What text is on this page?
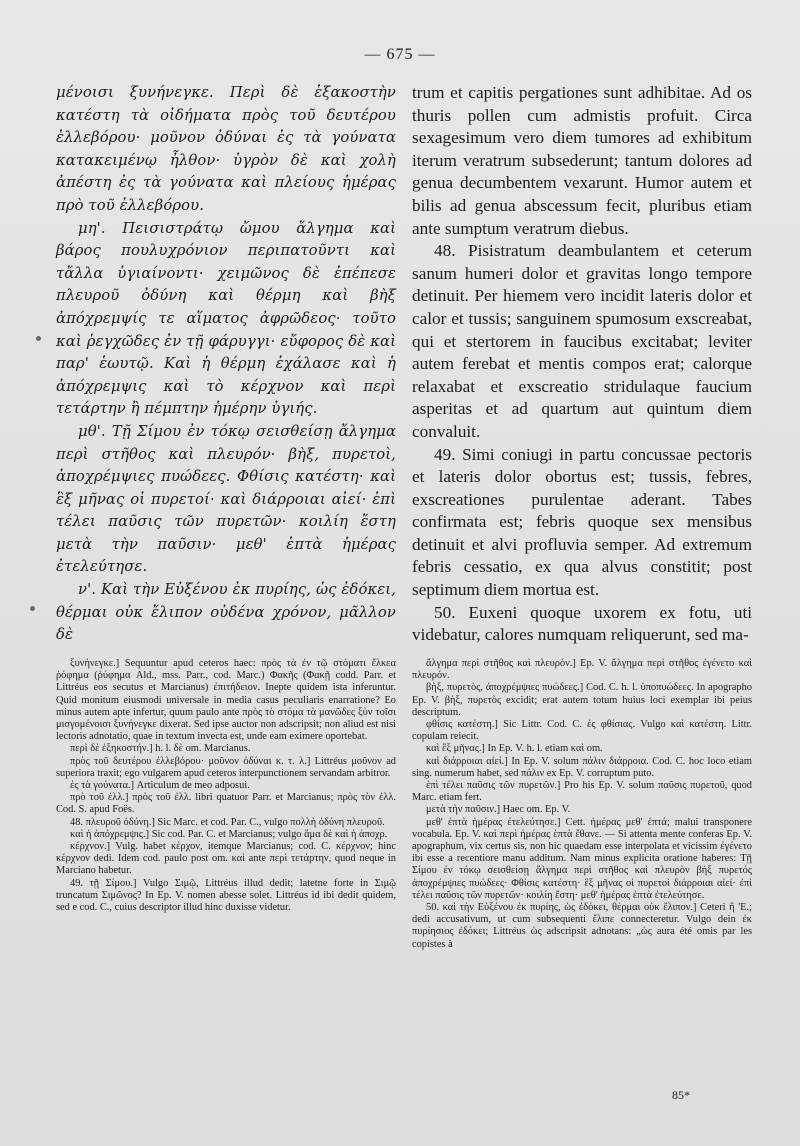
— 675 —

μένοισι ξυνήνεγκε. Περὶ δὲ ἑξακοστὴν κατέστη τὰ οἰδήματα πρὸς τοῦ δευτέρου ἐλλεβόρου· μοῦνον ὀδύναι ἐς τὰ γούνατα κατακειμένῳ ἦλθον· ὑγρὸν δὲ καὶ χολὴ ἀπέστη ἐς τὰ γούνατα καὶ πλείους ἡμέρας πρὸ τοῦ ἐλλεβόρου.

μη'. Πεισιστράτῳ ὤμου ἄλγημα καὶ βάρος πουλυχρόνιον περιπατοῦντι καὶ τἄλλα ὑγιαίνοντι· χειμῶνος δὲ ἐπέπεσε πλευροῦ ὀδύνη καὶ θέρμη καὶ βὴξ ἀπόχρεμψίς τε αἵματος ἀφρῶδεος· τοῦτο καὶ ῥεγχῶδες ἐν τῇ φάρυγγι· εὔφορος δὲ καὶ παρ' ἑωυτῷ. Καὶ ἡ θέρμη ἐχάλασε καὶ ἡ ἀπόχρεμψις καὶ τὸ κέρχνον καὶ περὶ τετάρτην ἢ πέμπτην ἡμέρην ὑγιής.

μθ'. Τῇ Σίμου ἐν τόκῳ σεισθείσῃ ἄλγημα περὶ στῆθος καὶ πλευρόν· βὴξ, πυρετοὶ, ἀποχρέμψιες πυώδεες. Φθίσις κατέστη· καὶ ἓξ μῆνας οἱ πυρετοί· καὶ διάρροιαι αἰεί· ἐπὶ τέλει παῦσις τῶν πυρετῶν· κοιλίη ἔστη μετὰ τὴν παῦσιν· μεθ' ἑπτὰ ἡμέρας ἐτελεύτησε.

ν'. Καὶ τὴν Εὐξένου ἐκ πυρίης, ὡς ἐδόκει, θέρμαι οὐκ ἔλιπον οὐδένα χρόνον, μᾶλλον δὲ

trum et capitis pergationes sunt adhibitae. Ad os thuris pollen cum admistis profuit. Circa sexagesimum vero diem tumores ad exhibitum iterum veratrum subsederunt; tantum dolores ad genua decumbentem vexarunt. Humor autem et bilis ad genua abscessum fecit, pluribus etiam ante sumptum veratrum diebus.

48. Pisistratum deambulantem et ceterum sanum humeri dolor et gravitas longo tempore detinuit. Per hiemem vero incidit lateris dolor et calor et tussis; sanguinem spumosum exscreabat, qui et stertorem in faucibus excitabat; leviter autem ferebat et mentis compos erat; calorque relaxabat et exscreatio stridulaque faucium asperitas et ad quartum aut quintum diem convaluit.

49. Simi coniugi in partu concussae pectoris et lateris dolor obortus est; tussis, febres, exscreationes purulentae aderant. Tabes confirmata est; febris quoque sex mensibus detinuit et alvi profluvia semper. Ad extremum febris cessatio, ex qua alvus constitit; post septimum diem mortua est.

50. Euxeni quoque uxorem ex fotu, uti videbatur, calores numquam reliquerunt, sed ma-

ξυνήνεγκε.] Sequuntur apud ceteros haec: πρὸς τὰ ἐν τῷ στόματι ἕλκεα ῥόφημα (ῥύφημα Ald., mss. Parr., cod. Marc.) Φακῆς (Φακῇ codd. Parr. et Littréus eos secutus et Marcianus) ἐπιτήδειον. Inepte quidem ista inferuntur. Quid monitum eiusmodi universale in media casus peculiaris enarratione? Eo minus autem apte infertur, quum paulo ante πρὸς τὸ στόμα τὰ μανῶδες ξὺν τοῖσι μισγομένοισι ξυνήνεγκε dixerat. Sed ipse auctor non adscripsit; non aliud est nisi lectoris adnotatio, quae in textum invecta est, unde eam eximere oportebat.

περὶ δὲ ἑξηκοστήν.] h. l. δὲ om. Marcianus.

πρὸς τοῦ δευτέρου ἐλλεβόρου· μοῦνον ὀδύναι κ. τ. λ.] Littréus μοῦνον ad superiora traxit; ego vulgarem apud ceteros interpunctionem servandam arbitror.

ἐς τὰ γούνατα.] Articulum de meo adposui.

πρὸ τοῦ ἐλλ.] πρὸς τοῦ ἐλλ. libri quatuor Parr. et Marcianus; πρὸς τὸν ἐλλ. Cod. S. apud Foës.

48. πλευροῦ ὀδύνη.] Sic Marc. et cod. Par. C., vulgo πολλὴ ὀδύνη πλευροῦ.

καὶ ἡ ἀπόχρεμψις.] Sic cod. Par. C. et Marcianus; vulgo ἅμα δὲ καὶ ἡ ἀποχρ.

κέρχνον.] Vulg. habet κέρχον, itemque Marcianus; cod. C. κέρχνον; hinc κέρχνον dedi. Idem cod. paulo post om. καὶ ante περὶ τετάρτην, quod neque in Marciano habetur.

49. τῇ Σίμου.] Vulgo Σιμῷ, Littréus illud dedit; latetne forte in Σιμῷ truncatum Σιμῶνος? In Ep. V. nomen abesse solet. Littréus id ibi dedit quidem, sed e cod. C., cuius descriptor illud hinc duxisse videtur.

ἄλγημα περὶ στῆθος καὶ πλευρόν.] Ep. V. ἄλγημα περὶ στῆθος ἐγένετο καὶ πλευρόν.

βὴξ, πυρετὸς, ἀποχρέμψιες πυώδεες.] Cod. C. h. l. ὑποπυώδεες. In apographo Ep. V. βὴξ, πυρετὸς excidit; erat autem totum huius loci exemplar ibi peius descriptum.

φθίσις κατέστη.] Sic Littr. Cod. C. ἐς φθίσιας. Vulgo καὶ κατέστη. Littr. copulam reiecit.

καὶ ἓξ μῆνας.] In Ep. V. h. l. etiam καὶ om.

καὶ διάρροιαι αἰεί.] In Ep. V. solum πάλιν διάρροια. Cod. C. hoc loco etiam sing. numerum habet, sed πάλιν ex Ep. V. corruptum puto.

ἐπὶ τέλει παῦσις τῶν πυρετῶν.] Pro his Ep. V. solum παῦσις πυρετοῦ, quod Marc. etiam fert.

μετὰ τὴν παῦσιν.] Haec om. Ep. V.

μεθ' ἑπτὰ ἡμέρας ἐτελεύτησε.] Cett. ἡμέρας μεθ' ἑπτά; malui transponere vocabula. Ep. V. καὶ περὶ ἡμέρας ἑπτὰ ἔθανε. — Si attenta mente conferas Ep. V. apographum, vix certus sis, non hic quaedam esse interpolata et vicissim ἐγένετο ibi esse a recentiore manu additum. Nam minus explicita oratione haberes: Τῇ Σίμου ἐν τόκῳ σεισθείσῃ ἄλγημα περὶ στῆθος καὶ πλευρὸν βὴξ πυρετός ἀποχρέμψιες πυώδεες· Φθίσις κατέστη· ἓξ μῆνας οἱ πυρετοὶ διάρροιαι αἰεί· ἐπὶ τέλει παῦσις τῶν πυρετῶν· κοιλίη ἔστη· μεθ' ἡμέρας ἑπτὰ ἐτελεύτησε.

50. καὶ τὴν Εὐξένου ἐκ πυρίης, ὡς ἐδόκει, θέρμαι οὐκ ἔλιπον.] Ceteri ἣ 'Ε.; dedi accusativum, ut cum subsequenti ἔλιπε connecteretur. Vulgo dein ἐκ πυρίησιος ἐδόκει; Littréus ὡς adscripsit adnotans: „ὡς aura été omis par les copistes à

85*
